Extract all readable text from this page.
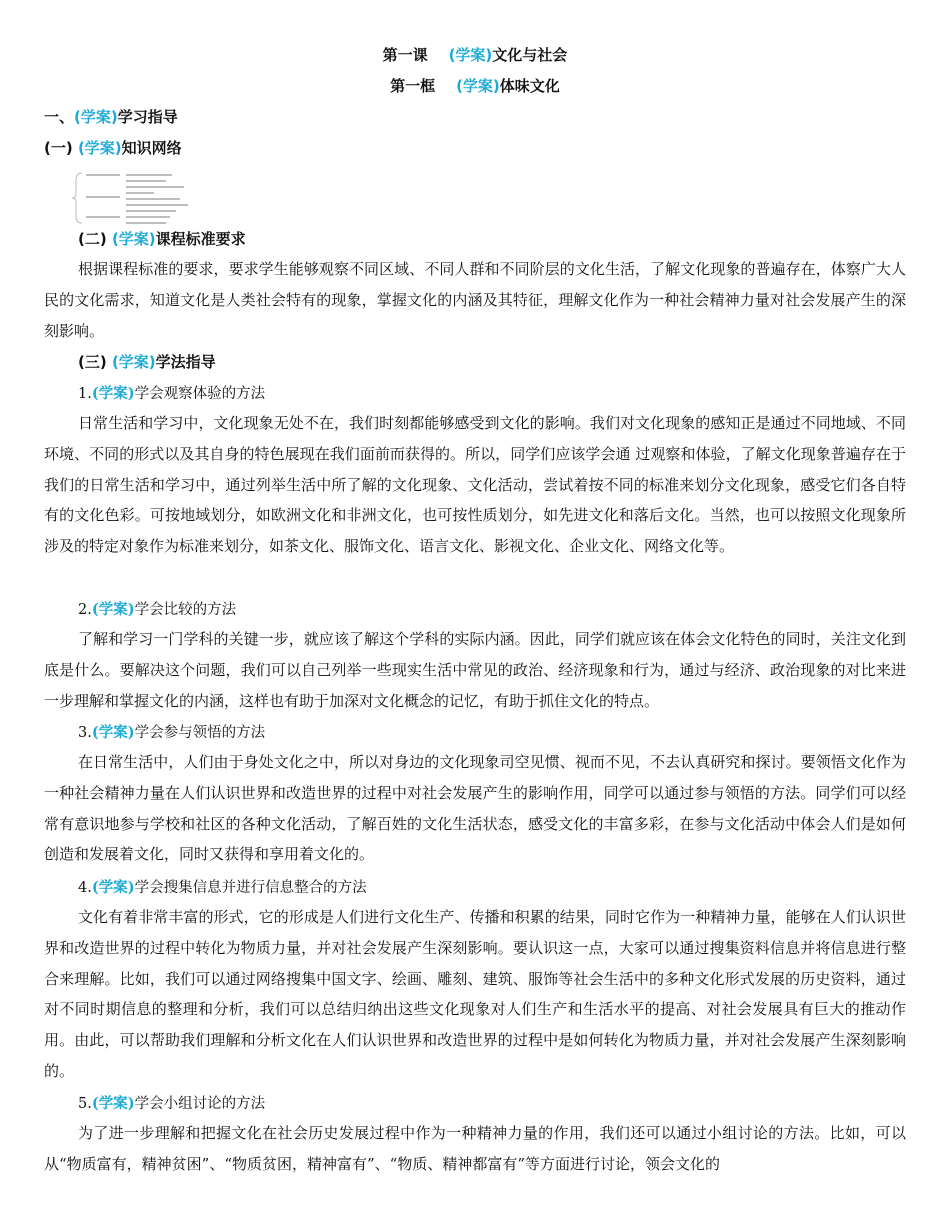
第一课 (学案)文化与社会
第一框 (学案)体味文化
一、(学案)学习指导
(一) (学案)知识网络
(二) (学案)课程标准要求

根据课程标准的要求，要求学生能够观察不同区域、不同人群和不同阶层的文化生活，了解文化现象的普遍存在，体察广大人民的文化需求，知道文化是人类社会特有的现象，掌握文化的内涵及其特征，理解文化作为一种社会精神力量对社会发展产生的深刻影响。

(三) (学案)学法指导
1.(学案)学会观察体验的方法

日常生活和学习中，文化现象无处不在，我们时刻都能够感受到文化的影响。我们对文化现象的感知正是通过不同地域、不同环境、不同的形式以及其自身的特色展现在我们面前而获得的。所以，同学们应该学会通 过观察和体验，了解文化现象普遍存在于我们的日常生活和学习中，通过列举生活中所了解的文化现象、文化活动，尝试着按不同的标准来划分文化现象，感受它们各自特有的文化色彩。可按地域划分，如欧洲文化和非洲文化，也可按性质划分，如先进文化和落后文化。当然，也可以按照文化现象所涉及的特定对象作为标准来划分，如茶文化、服饰文化、语言文化、影视文化、企业文化、网络文化等。

2.(学案)学会比较的方法

了解和学习一门学科的关键一步，就应该了解这个学科的实际内涵。因此，同学们就应该在体会文化特色的同时，关注文化到底是什么。要解决这个问题，我们可以自己列举一些现实生活中常见的政治、经济现象和行为，通过与经济、政治现象的对比来进一步理解和掌握文化的内涵，这样也有助于加深对文化概念的记忆，有助于抓住文化的特点。

3.(学案)学会参与领悟的方法

在日常生活中，人们由于身处文化之中，所以对身边的文化现象司空见惯、视而不见，不去认真研究和探讨。要领悟文化作为一种社会精神力量在人们认识世界和改造世界的过程中对社会发展产生的影响作用，同学可以通过参与领悟的方法。同学们可以经常有意识地参与学校和社区的各种文化活动，了解百姓的文化生活状态，感受文化的丰富多彩，在参与文化活动中体会人们是如何创造和发展着文化，同时又获得和享用着文化的。

4.(学案)学会搜集信息并进行信息整合的方法

文化有着非常丰富的形式，它的形成是人们进行文化生产、传播和积累的结果，同时它作为一种精神力量，能够在人们认识世界和改造世界的过程中转化为物质力量，并对社会发展产生深刻影响。要认识这一点，大家可以通过搜集资料信息并将信息进行整合来理解。比如，我们可以通过网络搜集中国文字、绘画、雕刻、建筑、服饰等社会生活中的多种文化形式发展的历史资料，通过对不同时期信息的整理和分析，我们可以总结归纳出这些文化现象对人们生产和生活水平的提高、对社会发展具有巨大的推动作用。由此，可以帮助我们理解和分析文化在人们认识世界和改造世界的过程中是如何转化为物质力量，并对社会发展产生深刻影响的。

5.(学案)学会小组讨论的方法

为了进一步理解和把握文化在社会历史发展过程中作为一种精神力量的作用，我们还可以通过小组讨论的方法。比如，可以从“物质富有，精神贫困”、“物质贫困，精神富有”、“物质、精神都富有”等方面进行讨论，领会文化的
